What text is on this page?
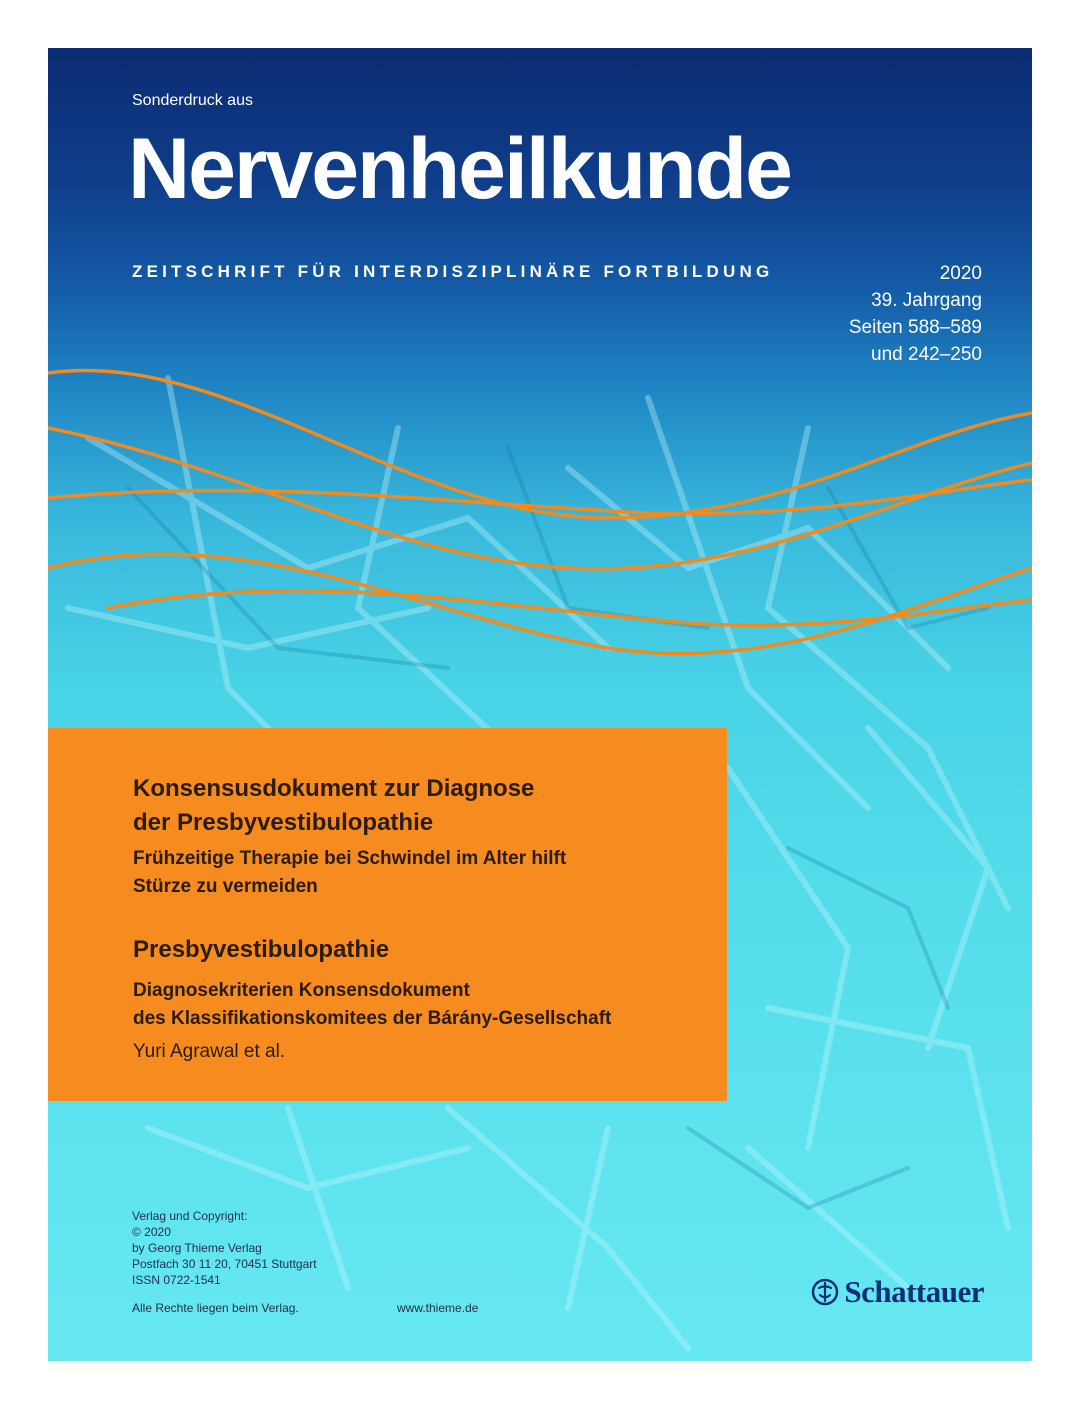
Sonderdruck aus
Nervenheilkunde
ZEITSCHRIFT FÜR INTERDISZIPLINÄRE FORTBILDUNG	2020
39. Jahrgang
Seiten 588–589
und 242–250
Konsensusdokument zur Diagnose
der Presbyvestibulopathie
Frühzeitige Therapie bei Schwindel im Alter hilft
Stürze zu vermeiden
Presbyvestibulopathie
Diagnosekriterien Konsensdokument
des Klassifikationskomitees der Bárány-Gesellschaft
Yuri Agrawal et al.
Verlag und Copyright:
© 2020
by Georg Thieme Verlag
Postfach 30 11 20, 70451 Stuttgart
ISSN 0722-1541
Alle Rechte liegen beim Verlag.	www.thieme.de	Schattauer
